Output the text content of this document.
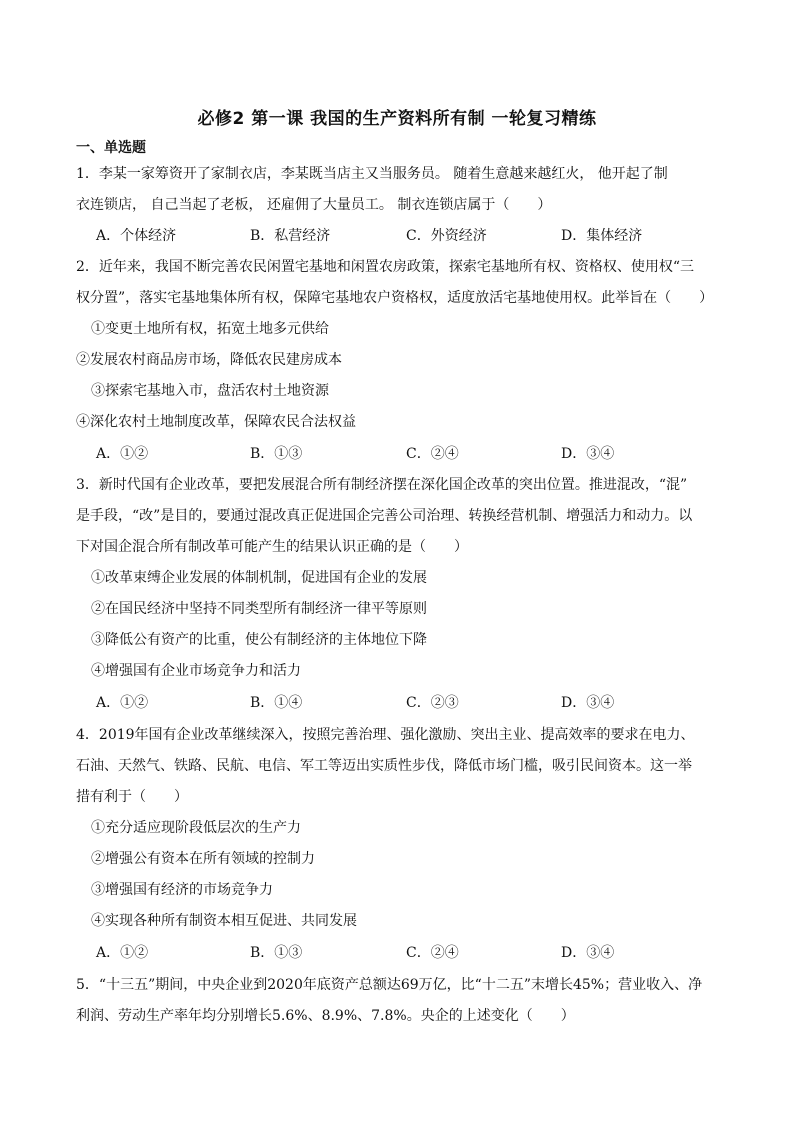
必修2 第一课 我国的生产资料所有制 一轮复习精练
一、单选题
1．李某一家筹资开了家制衣店，李某既当店主又当服务员。 随着生意越来越红火， 他开起了制
衣连锁店， 自己当起了老板， 还雇佣了大量员工。 制衣连锁店属于（　　）
A．个体经济	B．私营经济	C．外资经济	D．集体经济
2．近年来，我国不断完善农民闲置宅基地和闲置农房政策，探索宅基地所有权、资格权、使用权“三
权分置”，落实宅基地集体所有权，保障宅基地农户资格权，适度放活宅基地使用权。此举旨在（　　）
①变更土地所有权，拓宽土地多元供给
②发展农村商品房市场，降低农民建房成本
③探索宅基地入市，盘活农村土地资源
④深化农村土地制度改革，保障农民合法权益
A．①②	B．①③	C．②④	D．③④
3．新时代国有企业改革，要把发展混合所有制经济摆在深化国企改革的突出位置。推进混改，“混”
是手段，“改”是目的，要通过混改真正促进国企完善公司治理、转换经营机制、增强活力和动力。以
下对国企混合所有制改革可能产生的结果认识正确的是（　　）
①改革束缚企业发展的体制机制，促进国有企业的发展
②在国民经济中坚持不同类型所有制经济一律平等原则
③降低公有资产的比重，使公有制经济的主体地位下降
④增强国有企业市场竞争力和活力
A．①②	B．①④	C．②③	D．③④
4．2019年国有企业改革继续深入，按照完善治理、强化激励、突出主业、提高效率的要求在电力、
石油、天然气、铁路、民航、电信、军工等迈出实质性步伐，降低市场门槛，吸引民间资本。这一举
措有利于（　　）
①充分适应现阶段低层次的生产力
②增强公有资本在所有领域的控制力
③增强国有经济的市场竞争力
④实现各种所有制资本相互促进、共同发展
A．①②	B．①③	C．②④	D．③④
5．“十三五”期间，中央企业到2020年底资产总额达69万亿，比“十二五”末增长45%；营业收入、净
利润、劳动生产率年均分别增长5.6%、8.9%、7.8%。央企的上述变化（　　）
